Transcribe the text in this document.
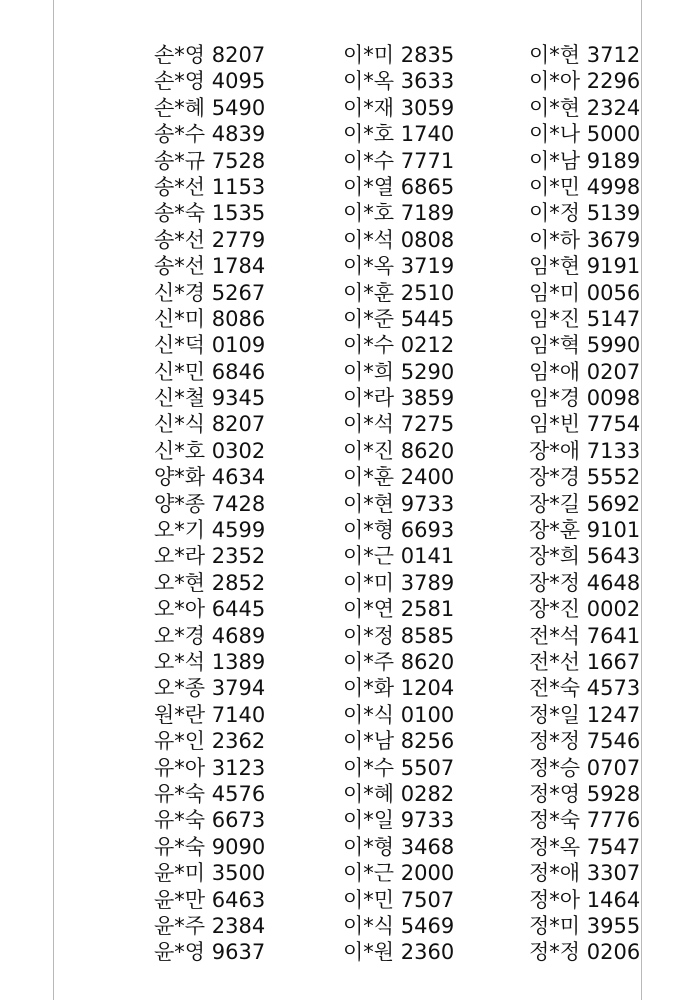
손*영 8207
손*영 4095
손*혜 5490
송*수 4839
송*규 7528
송*선 1153
송*숙 1535
송*선 2779
송*선 1784
신*경 5267
신*미 8086
신*덕 0109
신*민 6846
신*철 9345
신*식 8207
신*호 0302
양*화 4634
양*종 7428
오*기 4599
오*라 2352
오*현 2852
오*아 6445
오*경 4689
오*석 1389
오*종 3794
원*란 7140
유*인 2362
유*아 3123
유*숙 4576
유*숙 6673
유*숙 9090
윤*미 3500
윤*만 6463
윤*주 2384
윤*영 9637
이*미 2835
이*옥 3633
이*재 3059
이*호 1740
이*수 7771
이*열 6865
이*호 7189
이*석 0808
이*옥 3719
이*훈 2510
이*준 5445
이*수 0212
이*희 5290
이*라 3859
이*석 7275
이*진 8620
이*훈 2400
이*현 9733
이*형 6693
이*근 0141
이*미 3789
이*연 2581
이*정 8585
이*주 8620
이*화 1204
이*식 0100
이*남 8256
이*수 5507
이*혜 0282
이*일 9733
이*형 3468
이*근 2000
이*민 7507
이*식 5469
이*원 2360
이*현 3712
이*아 2296
이*현 2324
이*나 5000
이*남 9189
이*민 4998
이*정 5139
이*하 3679
임*현 9191
임*미 0056
임*진 5147
임*혁 5990
임*애 0207
임*경 0098
임*빈 7754
장*애 7133
장*경 5552
장*길 5692
장*훈 9101
장*희 5643
장*정 4648
장*진 0002
전*석 7641
전*선 1667
전*숙 4573
정*일 1247
정*정 7546
정*승 0707
정*영 5928
정*숙 7776
정*옥 7547
정*애 3307
정*아 1464
정*미 3955
정*정 0206
